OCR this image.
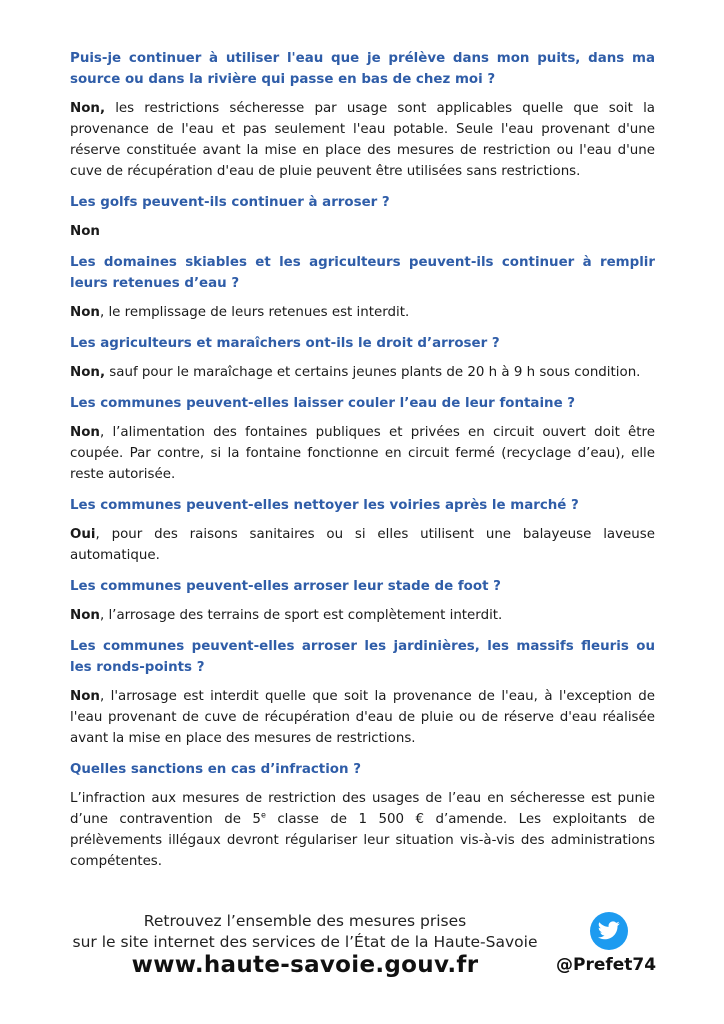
Puis-je continuer à utiliser l'eau que je prélève dans mon puits, dans ma source ou dans la rivière qui passe en bas de chez moi ?

Non, les restrictions sécheresse par usage sont applicables quelle que soit la provenance de l'eau et pas seulement l'eau potable. Seule l'eau provenant d'une réserve constituée avant la mise en place des mesures de restriction ou l'eau d'une cuve de récupération d'eau de pluie peuvent être utilisées sans restrictions.

Les golfs peuvent-ils continuer à arroser ?

Non

Les domaines skiables et les agriculteurs peuvent-ils continuer à remplir leurs retenues d’eau ?

Non, le remplissage de leurs retenues est interdit.

Les agriculteurs et maraîchers ont-ils le droit d’arroser ?

Non, sauf pour le maraîchage et certains jeunes plants de 20 h à 9 h sous condition.

Les communes peuvent-elles laisser couler l’eau de leur fontaine ?

Non, l’alimentation des fontaines publiques et privées en circuit ouvert doit être coupée. Par contre, si la fontaine fonctionne en circuit fermé (recyclage d’eau), elle reste autorisée.

Les communes peuvent-elles nettoyer les voiries après le marché ?

Oui, pour des raisons sanitaires ou si elles utilisent une balayeuse laveuse automatique.

Les communes peuvent-elles arroser leur stade de foot ?

Non, l’arrosage des terrains de sport est complètement interdit.

Les communes peuvent-elles arroser les jardinières, les massifs fleuris ou les ronds-points ?

Non, l'arrosage est interdit quelle que soit la provenance de l'eau, à l'exception de l'eau provenant de cuve de récupération d'eau de pluie ou de réserve d'eau réalisée avant la mise en place des mesures de restrictions.

Quelles sanctions en cas d’infraction ?

L’infraction aux mesures de restriction des usages de l’eau en sécheresse est punie d’une contravention de 5e classe de 1 500 € d’amende. Les exploitants de prélèvements illégaux devront régulariser leur situation vis-à-vis des administrations compétentes.

Retrouvez l’ensemble des mesures prises
sur le site internet des services de l’État de la Haute-Savoie
www.haute-savoie.gouv.fr	@Prefet74
